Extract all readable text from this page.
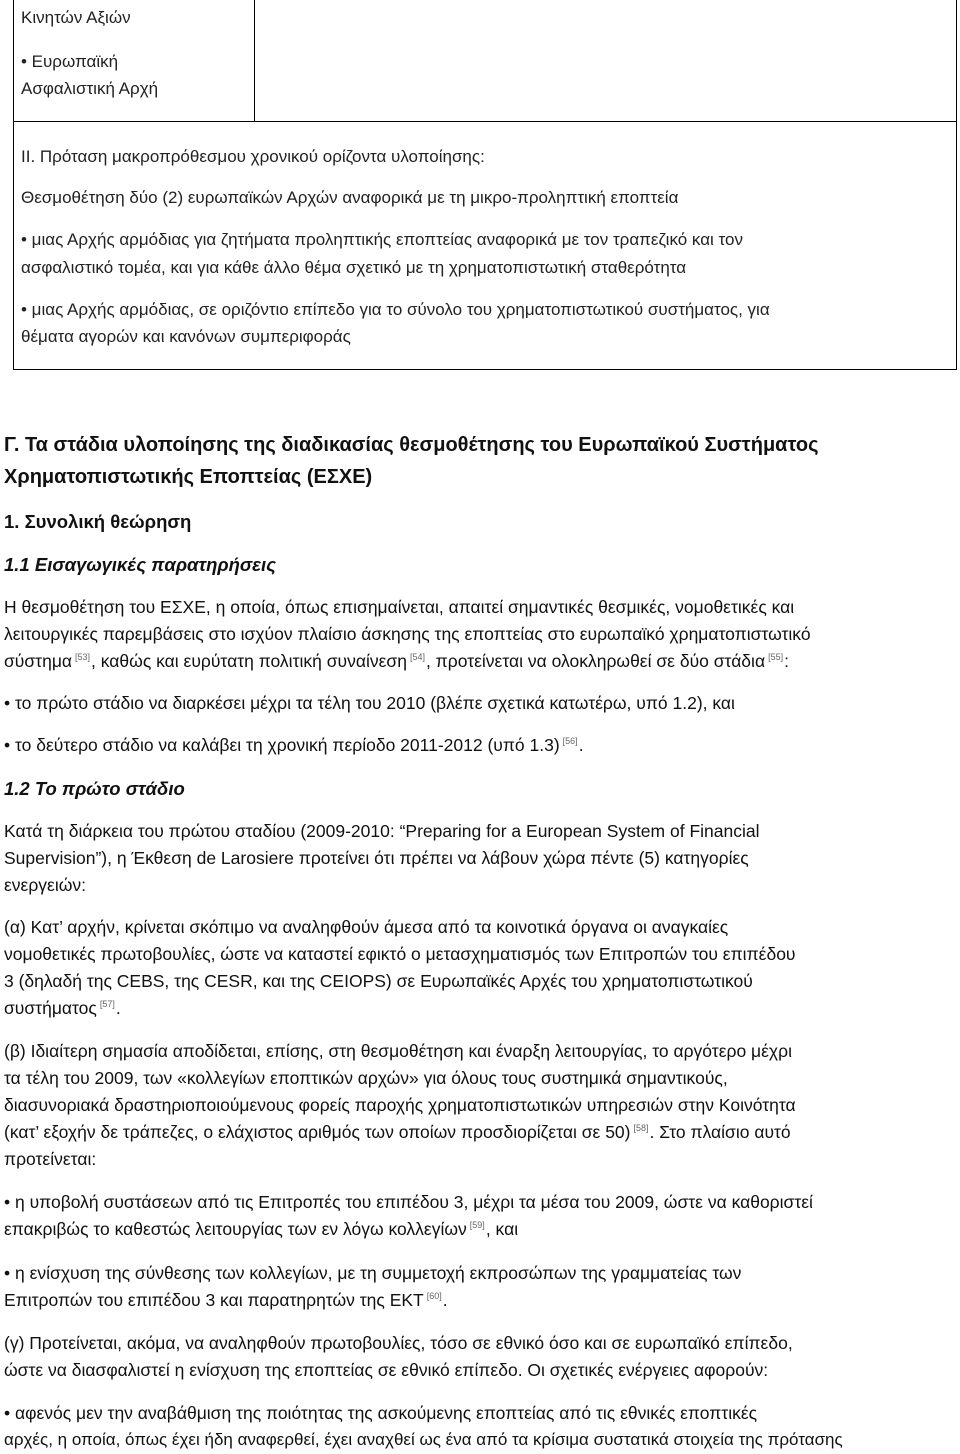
Κινητών Αξιών
• Ευρωπαϊκή
Ασφαλιστική Αρχή
ΙΙ. Πρόταση μακροπρόθεσμου χρονικού ορίζοντα υλοποίησης:
Θεσμοθέτηση δύο (2) ευρωπαϊκών Αρχών αναφορικά με τη μικρο-προληπτική εποπτεία
• μιας Αρχής αρμόδιας για ζητήματα προληπτικής εποπτείας αναφορικά με τον τραπεζικό και τον
ασφαλιστικό τομέα, και για κάθε άλλο θέμα σχετικό με τη χρηματοπιστωτική σταθερότητα
• μιας Αρχής αρμόδιας, σε οριζόντιο επίπεδο για το σύνολο του χρηματοπιστωτικού συστήματος, για
θέματα αγορών και κανόνων συμπεριφοράς
Γ. Τα στάδια υλοποίησης της διαδικασίας θεσμοθέτησης του Ευρωπαϊκού Συστήματος
Χρηματοπιστωτικής Εποπτείας (ΕΣΧΕ)
1. Συνολική θεώρηση
1.1 Εισαγωγικές παρατηρήσεις
Η θεσμοθέτηση του ΕΣΧΕ, η οποία, όπως επισημαίνεται, απαιτεί σημαντικές θεσμικές, νομοθετικές και
λειτουργικές παρεμβάσεις στο ισχύον πλαίσιο άσκησης της εποπτείας στο ευρωπαϊκό χρηματοπιστωτικό
σύστημα [53], καθώς και ευρύτατη πολιτική συναίνεση [54], προτείνεται να ολοκληρωθεί σε δύο στάδια [55]:
• το πρώτο στάδιο να διαρκέσει μέχρι τα τέλη του 2010 (βλέπε σχετικά κατωτέρω, υπό 1.2), και
• το δεύτερο στάδιο να καλάβει τη χρονική περίοδο 2011-2012 (υπό 1.3) [56].
1.2 Το πρώτο στάδιο
Κατά τη διάρκεια του πρώτου σταδίου (2009-2010: “Preparing for a European System of Financial
Supervision”), η Έκθεση de Larosiere προτείνει ότι πρέπει να λάβουν χώρα πέντε (5) κατηγορίες
ενεργειών:
(α) Κατ’ αρχήν, κρίνεται σκόπιμο να αναληφθούν άμεσα από τα κοινοτικά όργανα οι αναγκαίες
νομοθετικές πρωτοβουλίες, ώστε να καταστεί εφικτό ο μετασχηματισμός των Επιτροπών του επιπέδου
3 (δηλαδή της CEBS, της CESR, και της CEIOPS) σε Ευρωπαϊκές Αρχές του χρηματοπιστωτικού
συστήματος [57].
(β) Ιδιαίτερη σημασία αποδίδεται, επίσης, στη θεσμοθέτηση και έναρξη λειτουργίας, το αργότερο μέχρι
τα τέλη του 2009, των «κολλεγίων εποπτικών αρχών» για όλους τους συστημικά σημαντικούς,
διασυνοριακά δραστηριοποιούμενους φορείς παροχής χρηματοπιστωτικών υπηρεσιών στην Κοινότητα
(κατ’ εξοχήν δε τράπεζες, ο ελάχιστος αριθμός των οποίων προσδιορίζεται σε 50) [58]. Στο πλαίσιο αυτό
προτείνεται:
• η υποβολή συστάσεων από τις Επιτροπές του επιπέδου 3, μέχρι τα μέσα του 2009, ώστε να καθοριστεί
επακριβώς το καθεστώς λειτουργίας των εν λόγω κολλεγίων [59], και
• η ενίσχυση της σύνθεσης των κολλεγίων, με τη συμμετοχή εκπροσώπων της γραμματείας των
Επιτροπών του επιπέδου 3 και παρατηρητών της ΕΚΤ [60].
(γ) Προτείνεται, ακόμα, να αναληφθούν πρωτοβουλίες, τόσο σε εθνικό όσο και σε ευρωπαϊκό επίπεδο,
ώστε να διασφαλιστεί η ενίσχυση της εποπτείας σε εθνικό επίπεδο. Οι σχετικές ενέργειες αφορούν:
• αφενός μεν την αναβάθμιση της ποιότητας της ασκούμενης εποπτείας από τις εθνικές εποπτικές
αρχές, η οποία, όπως έχει ήδη αναφερθεί, έχει αναχθεί ως ένα από τα κρίσιμα συστατικά στοιχεία της πρότασης
